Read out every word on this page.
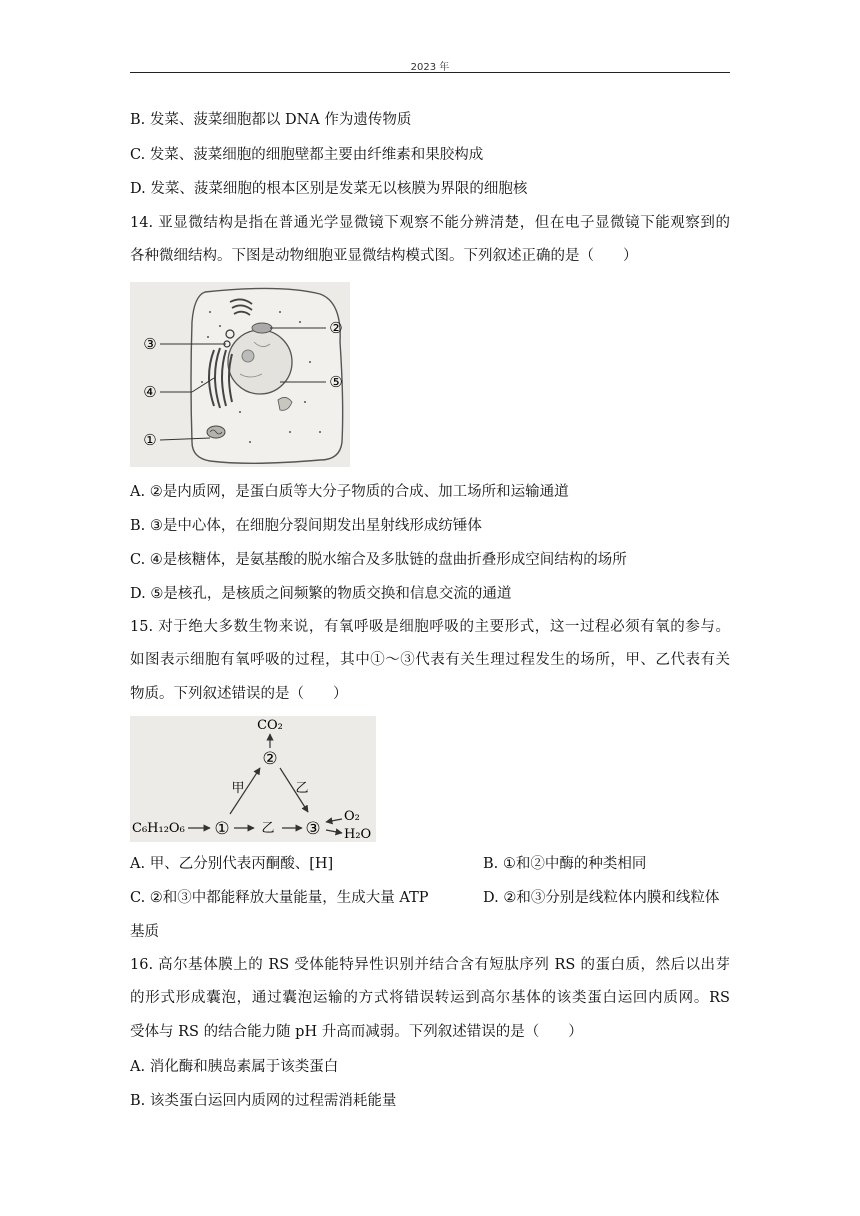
2023 年
B. 发菜、菠菜细胞都以 DNA 作为遗传物质
C. 发菜、菠菜细胞的细胞壁都主要由纤维素和果胶构成
D. 发菜、菠菜细胞的根本区别是发菜无以核膜为界限的细胞核
14. 亚显微结构是指在普通光学显微镜下观察不能分辨清楚，但在电子显微镜下能观察到的
各种微细结构。下图是动物细胞亚显微结构模式图。下列叙述正确的是（　　）
③
②
④
⑤
①
A. ②是内质网，是蛋白质等大分子物质的合成、加工场所和运输通道
B. ③是中心体，在细胞分裂间期发出星射线形成纺锤体
C. ④是核糖体，是氨基酸的脱水缩合及多肽链的盘曲折叠形成空间结构的场所
D. ⑤是核孔，是核质之间频繁的物质交换和信息交流的通道
15. 对于绝大多数生物来说，有氧呼吸是细胞呼吸的主要形式，这一过程必须有氧的参与。
如图表示细胞有氧呼吸的过程，其中①～③代表有关生理过程发生的场所，甲、乙代表有关
物质。下列叙述错误的是（　　）
CO₂
②
甲	乙
C₆H₁₂O₆ ① 乙 ③
O₂
H₂O
A. 甲、乙分别代表丙酮酸、[H]	B. ①和②中酶的种类相同
C. ②和③中都能释放大量能量，生成大量 ATP	D. ②和③分别是线粒体内膜和线粒体
基质
16. 高尔基体膜上的 RS 受体能特异性识别并结合含有短肽序列 RS 的蛋白质，然后以出芽
的形式形成囊泡，通过囊泡运输的方式将错误转运到高尔基体的该类蛋白运回内质网。RS
受体与 RS 的结合能力随 pH 升高而减弱。下列叙述错误的是（　　）
A. 消化酶和胰岛素属于该类蛋白
B. 该类蛋白运回内质网的过程需消耗能量
